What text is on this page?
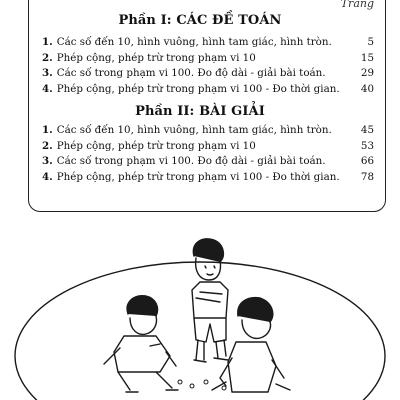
Trang
Phần I: CÁC ĐỀ TOÁN
1. Các số đến 10, hình vuông, hình tam giác, hình tròn.	5
2. Phép cộng, phép trừ trong phạm vi 10	15
3. Các số trong phạm vi 100. Đo độ dài - giải bài toán.	29
4. Phép cộng, phép trừ trong phạm vi 100 - Đo thời gian.	40
Phần II: BÀI GIẢI
1. Các số đến 10, hình vuông, hình tam giác, hình tròn.	45
2. Phép cộng, phép trừ trong phạm vi 10	53
3. Các số trong phạm vi 100. Đo độ dài - giải bài toán.	66
4. Phép cộng, phép trừ trong phạm vi 100 - Đo thời gian.	78
